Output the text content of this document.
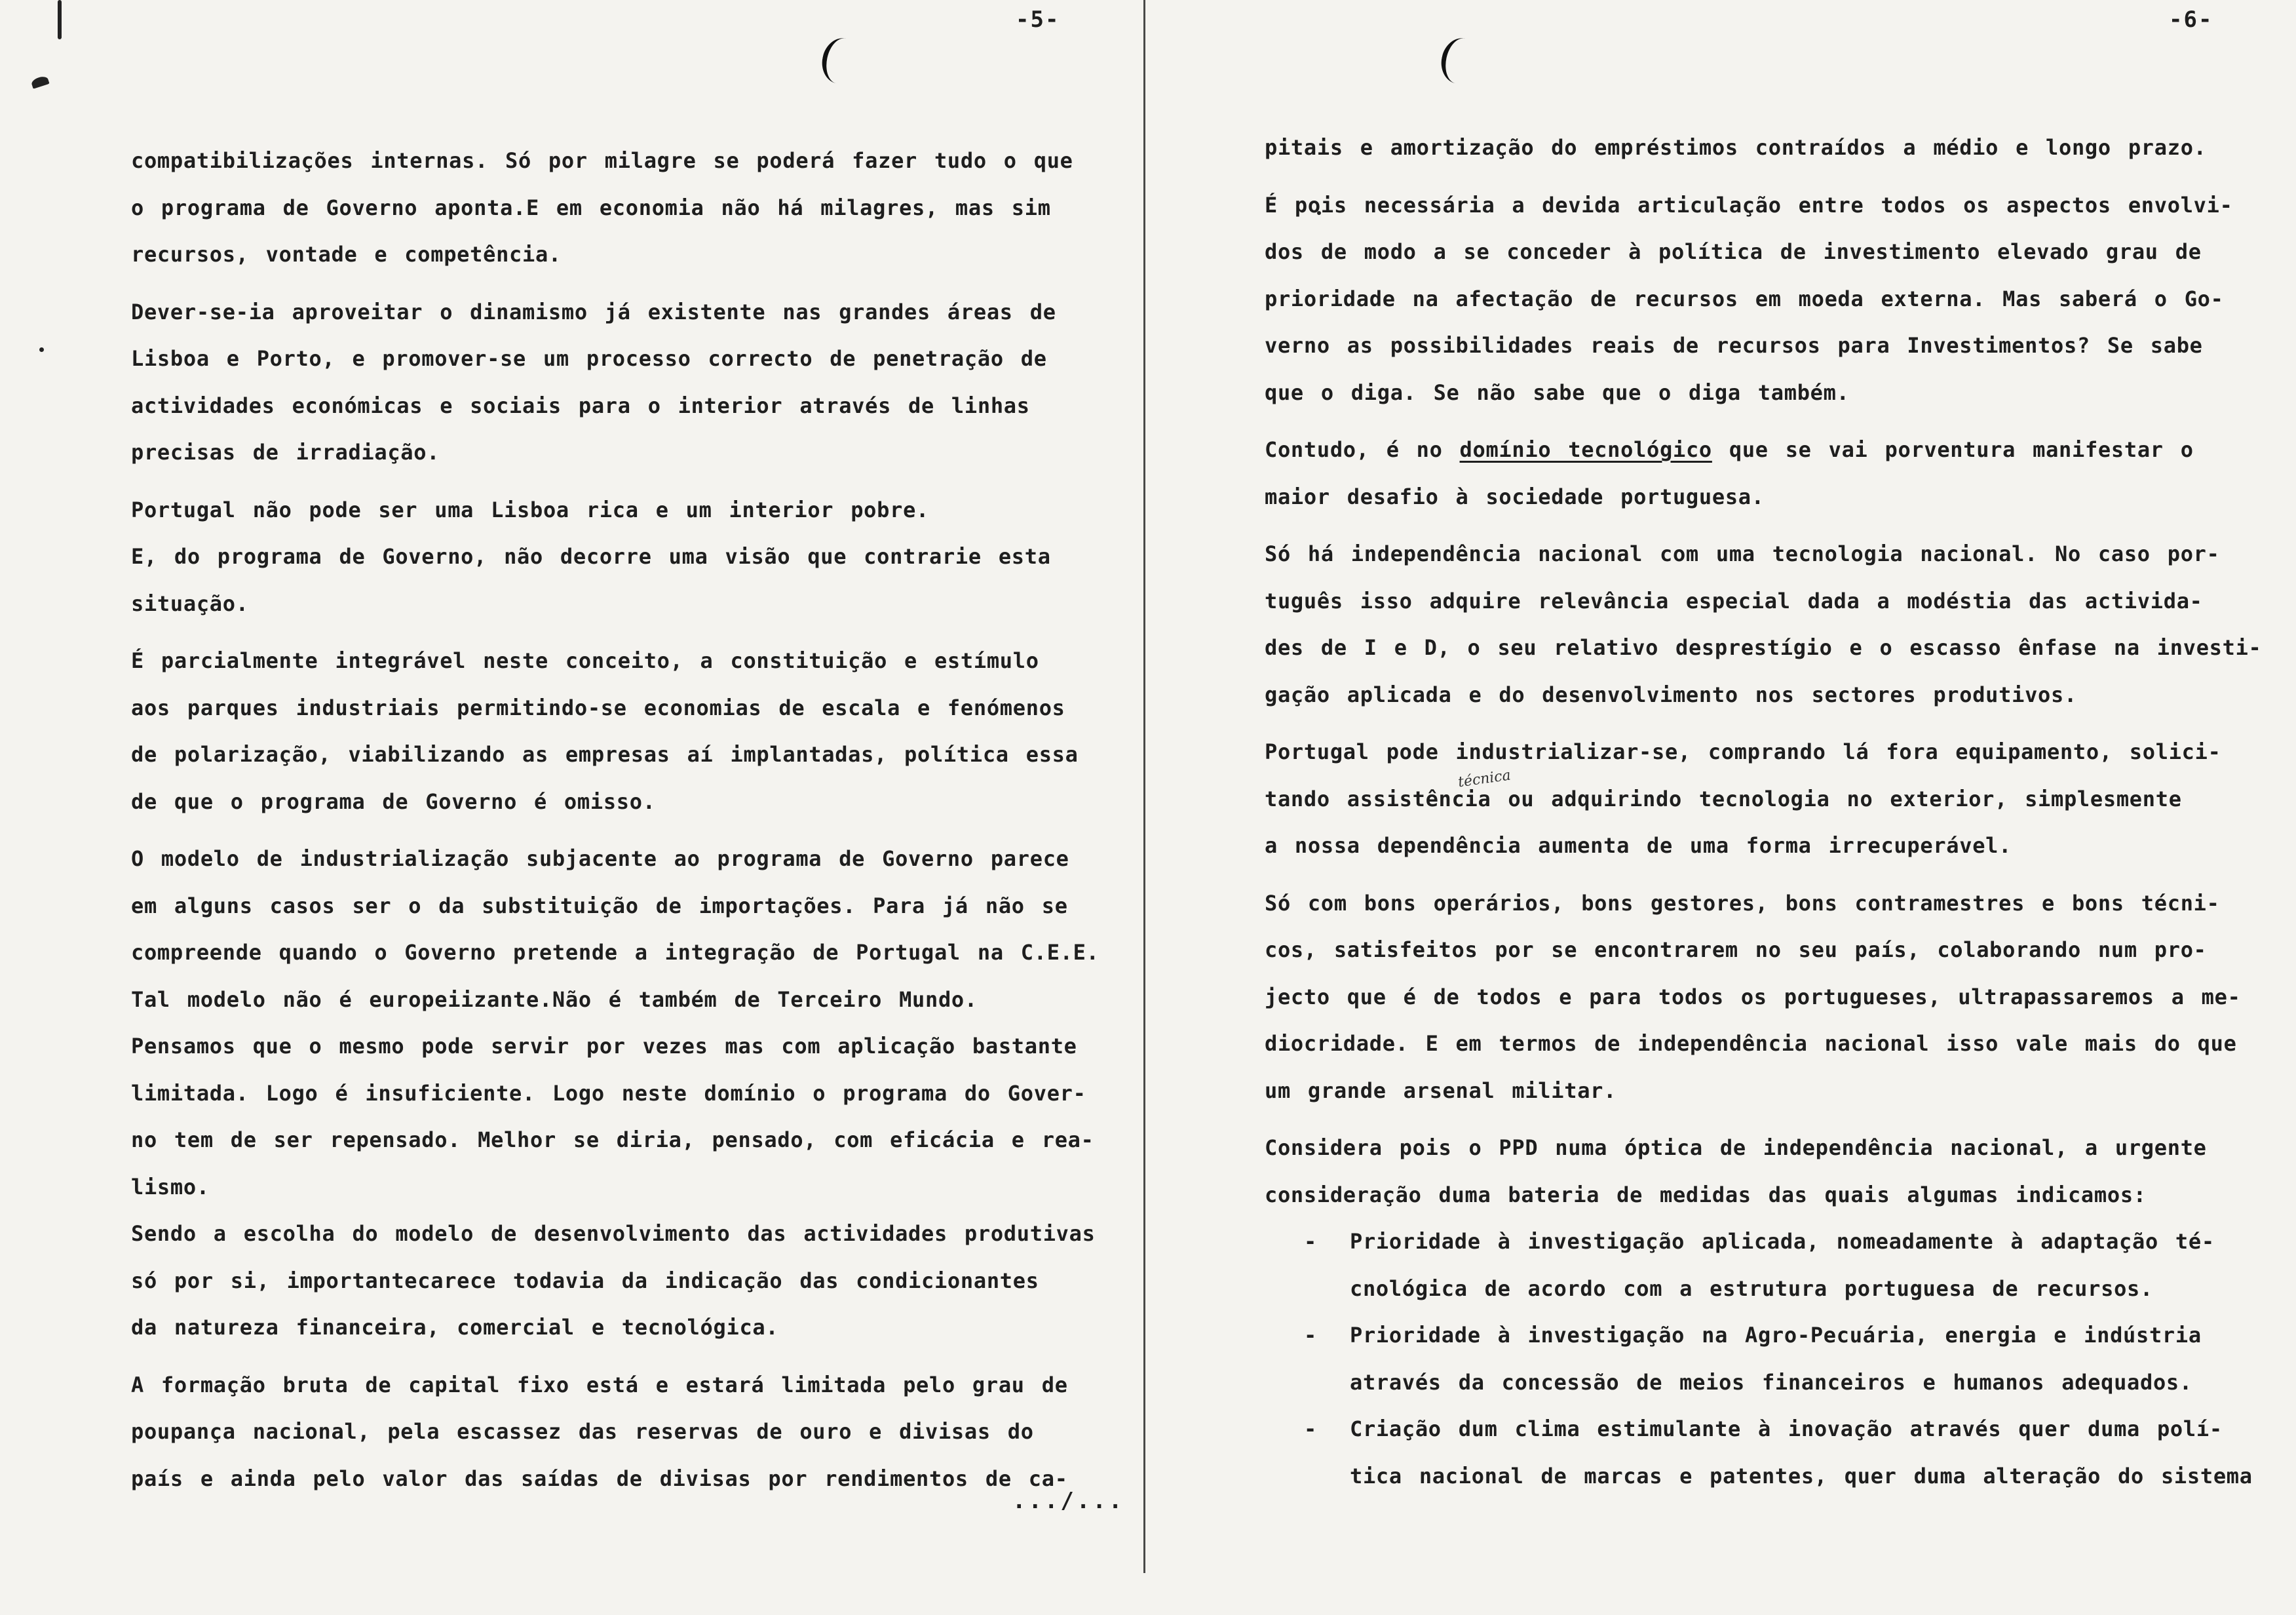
-5-

compatibilizações internas. Só por milagre se poderá fazer tudo o que
o programa de Governo aponta.E em economia não há milagres, mas sim
recursos, vontade e competência.

Dever-se-ia aproveitar o dinamismo já existente nas grandes áreas de
Lisboa e Porto, e promover-se um processo correcto de penetração de
actividades económicas e sociais para o interior através de linhas
precisas de irradiação.

Portugal não pode ser uma Lisboa rica e um interior pobre.
E, do programa de Governo, não decorre uma visão que contrarie esta
situação.

É parcialmente integrável neste conceito, a constituição e estímulo
aos parques industriais permitindo-se economias de escala e fenómenos
de polarização, viabilizando as empresas aí implantadas, política essa
de que o programa de Governo é omisso.

O modelo de industrialização subjacente ao programa de Governo parece
em alguns casos ser o da substituição de importações. Para já não se
compreende quando o Governo pretende a integração de Portugal na C.E.E.
Tal modelo não é europeiizante.Não é também de Terceiro Mundo.
Pensamos que o mesmo pode servir por vezes mas com aplicação bastante
limitada. Logo é insuficiente. Logo neste domínio o programa do Gover-
no tem de ser repensado. Melhor se diria, pensado, com eficácia e rea-
lismo.
Sendo a escolha do modelo de desenvolvimento das actividades produtivas
só por si, importantecarece todavia da indicação das condicionantes
da natureza financeira, comercial e tecnológica.

A formação bruta de capital fixo está e estará limitada pelo grau de
poupança nacional, pela escassez das reservas de ouro e divisas do
país e ainda pelo valor das saídas de divisas por rendimentos de ca-

.../...
-6-

pitais e amortização do empréstimos contraídos a médio e longo prazo.

É pois necessária a devida articulação entre todos os aspectos envolvi-
dos de modo a se conceder à política de investimento elevado grau de
prioridade na afectação de recursos em moeda externa. Mas saberá o Go-
verno as possibilidades reais de recursos para Investimentos? Se sabe
que o diga. Se não sabe que o diga também.

Contudo, é no domínio tecnológico que se vai porventura manifestar o
maior desafio à sociedade portuguesa.

Só há independência nacional com uma tecnologia nacional. No caso por-
tuguês isso adquire relevância especial dada a modéstia das activida-
des de I e D, o seu relativo desprestígio e o escasso ênfase na investi-
gação aplicada e do desenvolvimento nos sectores produtivos.

Portugal pode industrializar-se, comprando lá fora equipamento, solici-
tando assistência ou adquirindo tecnologia no exterior, simplesmente
a nossa dependência aumenta de uma forma irrecuperável.

Só com bons operários, bons gestores, bons contramestres e bons técni-
cos, satisfeitos por se encontrarem no seu país, colaborando num pro-
jecto que é de todos e para todos os portugueses, ultrapassaremos a me-
diocridade. E em termos de independência nacional isso vale mais do que
um grande arsenal militar.

Considera pois o PPD numa óptica de independência nacional, a urgente
consideração duma bateria de medidas das quais algumas indicamos:

- Prioridade à investigação aplicada, nomeadamente à adaptação té-
cnológica de acordo com a estrutura portuguesa de recursos.
- Prioridade à investigação na Agro-Pecuária, energia e indústria
através da concessão de meios financeiros e humanos adequados.
- Criação dum clima estimulante à inovação através quer duma polí-
tica nacional de marcas e patentes, quer duma alteração do sistema
técnica
